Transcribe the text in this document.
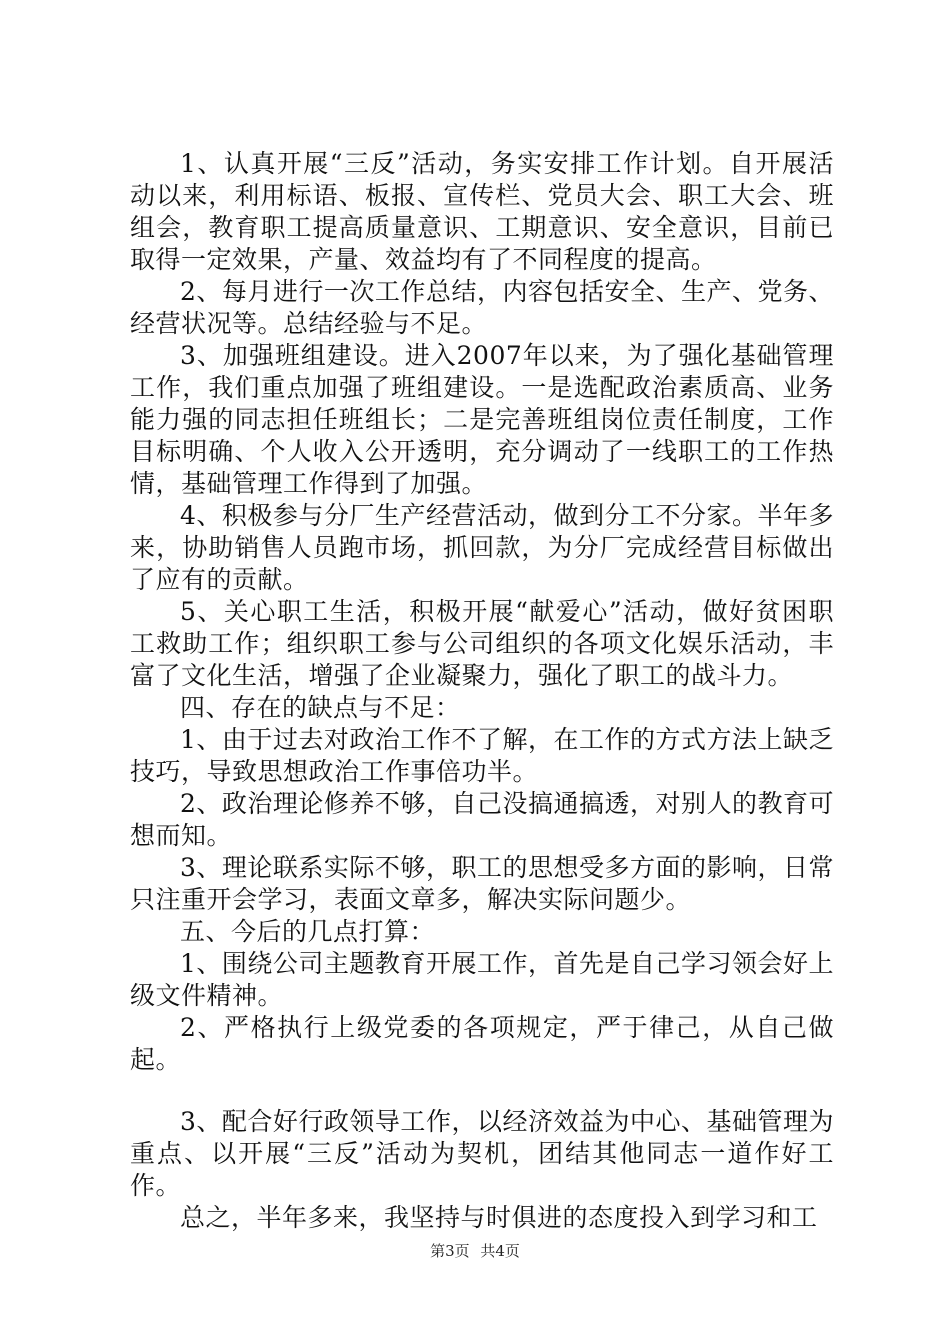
1、认真开展“三反”活动，务实安排工作计划。自开展活动以来，利用标语、板报、宣传栏、党员大会、职工大会、班组会，教育职工提高质量意识、工期意识、安全意识，目前已取得一定效果，产量、效益均有了不同程度的提高。

2、每月进行一次工作总结，内容包括安全、生产、党务、经营状况等。总结经验与不足。

3、加强班组建设。进入2007年以来，为了强化基础管理工作，我们重点加强了班组建设。一是选配政治素质高、业务能力强的同志担任班组长；二是完善班组岗位责任制度，工作目标明确、个人收入公开透明，充分调动了一线职工的工作热情，基础管理工作得到了加强。

4、积极参与分厂生产经营活动，做到分工不分家。半年多来，协助销售人员跑市场，抓回款，为分厂完成经营目标做出了应有的贡献。

5、关心职工生活，积极开展“献爱心”活动，做好贫困职工救助工作；组织职工参与公司组织的各项文化娱乐活动，丰富了文化生活，增强了企业凝聚力，强化了职工的战斗力。

四、存在的缺点与不足：

1、由于过去对政治工作不了解，在工作的方式方法上缺乏技巧，导致思想政治工作事倍功半。

2、政治理论修养不够，自己没搞通搞透，对别人的教育可想而知。

3、理论联系实际不够，职工的思想受多方面的影响，日常只注重开会学习，表面文章多，解决实际问题少。

五、今后的几点打算：

1、围绕公司主题教育开展工作，首先是自己学习领会好上级文件精神。

2、严格执行上级党委的各项规定，严于律己，从自己做起。

3、配合好行政领导工作，以经济效益为中心、基础管理为重点、以开展“三反”活动为契机，团结其他同志一道作好工作。

总之，半年多来，我坚持与时俱进的态度投入到学习和工

第3页 共4页
